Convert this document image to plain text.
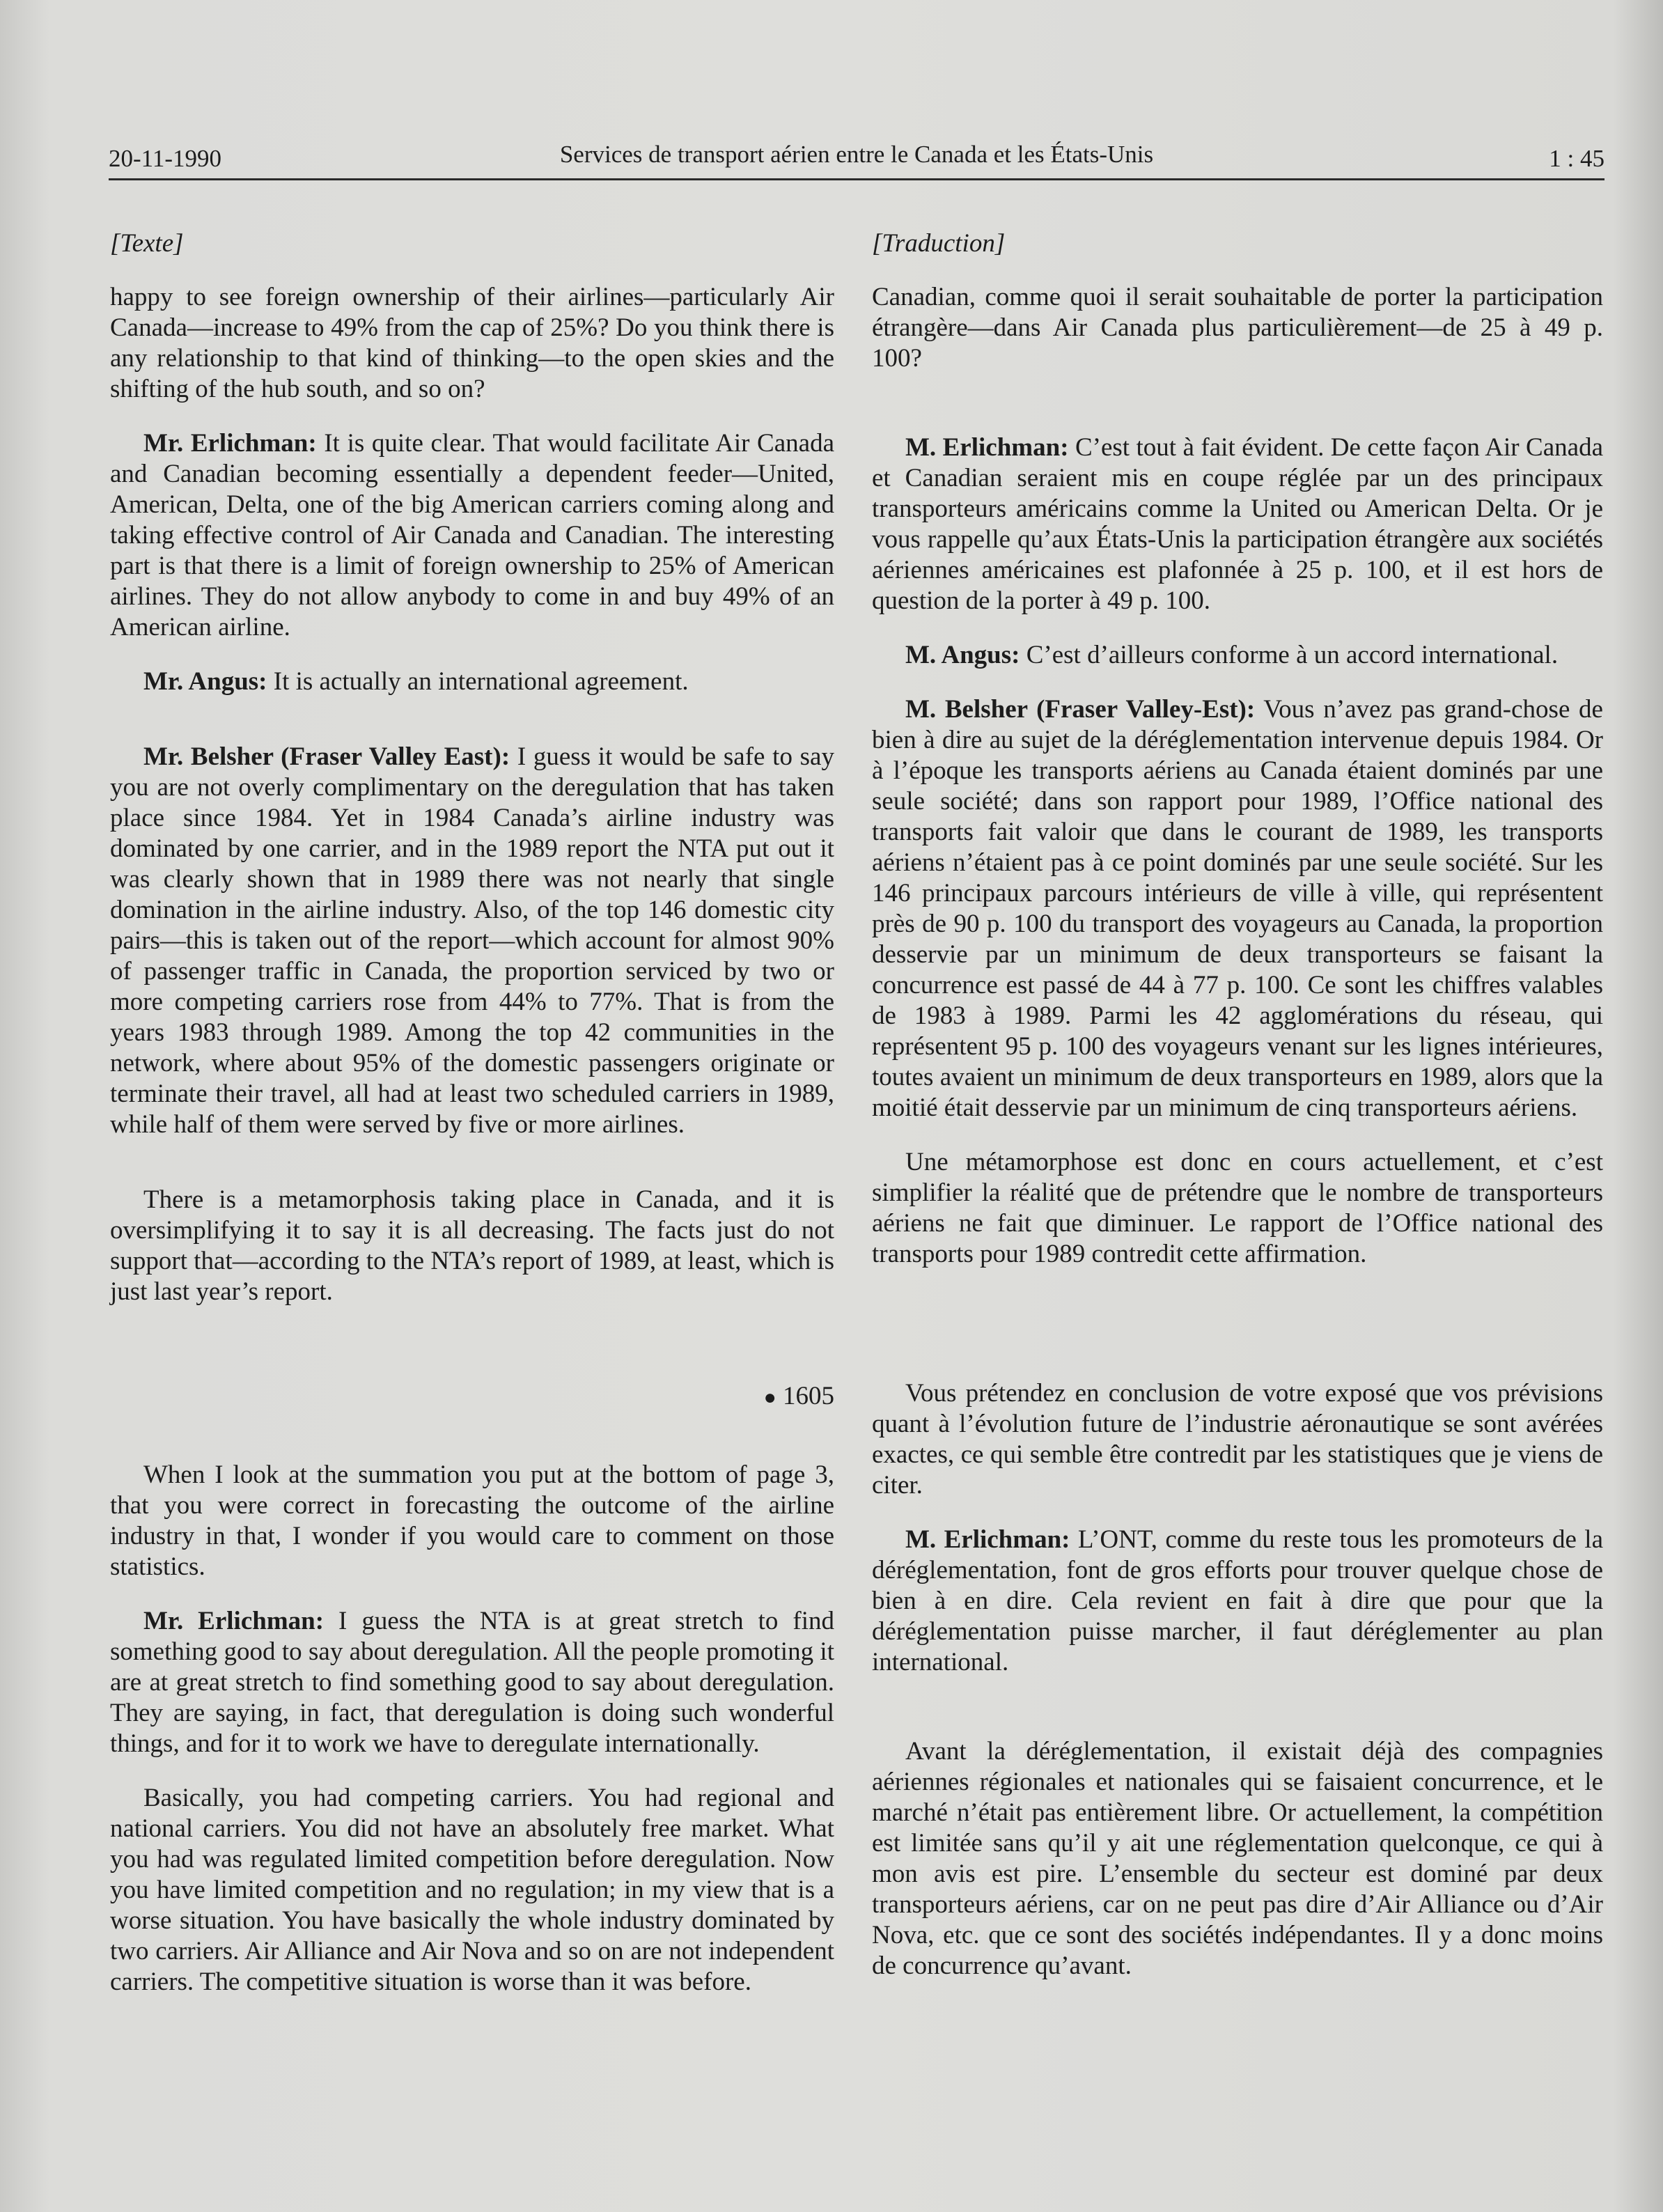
20-11-1990	Services de transport aérien entre le Canada et les États-Unis	1 : 45
[Texte]

happy to see foreign ownership of their airlines—particularly Air Canada—increase to 49% from the cap of 25%? Do you think there is any relationship to that kind of thinking—to the open skies and the shifting of the hub south, and so on?

Mr. Erlichman: It is quite clear. That would facilitate Air Canada and Canadian becoming essentially a dependent feeder—United, American, Delta, one of the big American carriers coming along and taking effective control of Air Canada and Canadian. The interesting part is that there is a limit of foreign ownership to 25% of American airlines. They do not allow anybody to come in and buy 49% of an American airline.

Mr. Angus: It is actually an international agreement.

Mr. Belsher (Fraser Valley East): I guess it would be safe to say you are not overly complimentary on the deregulation that has taken place since 1984. Yet in 1984 Canada’s airline industry was dominated by one carrier, and in the 1989 report the NTA put out it was clearly shown that in 1989 there was not nearly that single domination in the airline industry. Also, of the top 146 domestic city pairs—this is taken out of the report—which account for almost 90% of passenger traffic in Canada, the proportion serviced by two or more competing carriers rose from 44% to 77%. That is from the years 1983 through 1989. Among the top 42 communities in the network, where about 95% of the domestic passengers originate or terminate their travel, all had at least two scheduled carriers in 1989, while half of them were served by five or more airlines.

There is a metamorphosis taking place in Canada, and it is oversimplifying it to say it is all decreasing. The facts just do not support that—according to the NTA’s report of 1989, at least, which is just last year’s report.

● 1605

When I look at the summation you put at the bottom of page 3, that you were correct in forecasting the outcome of the airline industry in that, I wonder if you would care to comment on those statistics.

Mr. Erlichman: I guess the NTA is at great stretch to find something good to say about deregulation. All the people promoting it are at great stretch to find something good to say about deregulation. They are saying, in fact, that deregulation is doing such wonderful things, and for it to work we have to deregulate internationally.

Basically, you had competing carriers. You had regional and national carriers. You did not have an absolutely free market. What you had was regulated limited competition before deregulation. Now you have limited competition and no regulation; in my view that is a worse situation. You have basically the whole industry dominated by two carriers. Air Alliance and Air Nova and so on are not independent carriers. The competitive situation is worse than it was before.

[Traduction]

Canadian, comme quoi il serait souhaitable de porter la participation étrangère—dans Air Canada plus particulièrement—de 25 à 49 p. 100?

M. Erlichman: C’est tout à fait évident. De cette façon Air Canada et Canadian seraient mis en coupe réglée par un des principaux transporteurs américains comme la United ou American Delta. Or je vous rappelle qu’aux États-Unis la participation étrangère aux sociétés aériennes américaines est plafonnée à 25 p. 100, et il est hors de question de la porter à 49 p. 100.

M. Angus: C’est d’ailleurs conforme à un accord international.

M. Belsher (Fraser Valley-Est): Vous n’avez pas grand-chose de bien à dire au sujet de la déréglementation intervenue depuis 1984. Or à l’époque les transports aériens au Canada étaient dominés par une seule société; dans son rapport pour 1989, l’Office national des transports fait valoir que dans le courant de 1989, les transports aériens n’étaient pas à ce point dominés par une seule société. Sur les 146 principaux parcours intérieurs de ville à ville, qui représentent près de 90 p. 100 du transport des voyageurs au Canada, la proportion desservie par un minimum de deux transporteurs se faisant la concurrence est passé de 44 à 77 p. 100. Ce sont les chiffres valables de 1983 à 1989. Parmi les 42 agglomérations du réseau, qui représentent 95 p. 100 des voyageurs venant sur les lignes intérieures, toutes avaient un minimum de deux transporteurs en 1989, alors que la moitié était desservie par un minimum de cinq transporteurs aériens.

Une métamorphose est donc en cours actuellement, et c’est simplifier la réalité que de prétendre que le nombre de transporteurs aériens ne fait que diminuer. Le rapport de l’Office national des transports pour 1989 contredit cette affirmation.

Vous prétendez en conclusion de votre exposé que vos prévisions quant à l’évolution future de l’industrie aéronautique se sont avérées exactes, ce qui semble être contredit par les statistiques que je viens de citer.

M. Erlichman: L’ONT, comme du reste tous les promoteurs de la déréglementation, font de gros efforts pour trouver quelque chose de bien à en dire. Cela revient en fait à dire que pour que la déréglementation puisse marcher, il faut déréglementer au plan international.

Avant la déréglementation, il existait déjà des compagnies aériennes régionales et nationales qui se faisaient concurrence, et le marché n’était pas entièrement libre. Or actuellement, la compétition est limitée sans qu’il y ait une réglementation quelconque, ce qui à mon avis est pire. L’ensemble du secteur est dominé par deux transporteurs aériens, car on ne peut pas dire d’Air Alliance ou d’Air Nova, etc. que ce sont des sociétés indépendantes. Il y a donc moins de concurrence qu’avant.
